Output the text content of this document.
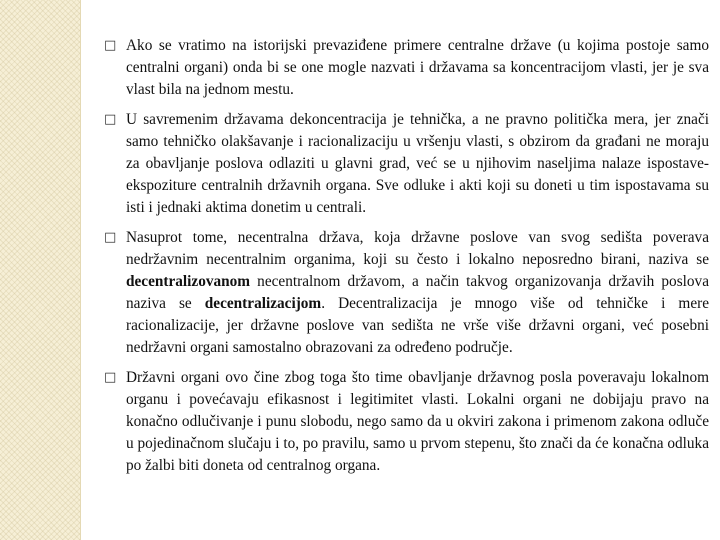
□ Ako se vratimo na istorijski prevaziđene primere centralne države (u kojima postoje samo centralni organi) onda bi se one mogle nazvati i državama sa koncentracijom vlasti, jer je sva vlast bila na jednom mestu.
□ U savremenim državama dekoncentracija je tehnička, a ne pravno politička mera, jer znači samo tehničko olakšavanje i racionalizaciju u vršenju vlasti, s obzirom da građani ne moraju za obavljanje poslova odlaziti u glavni grad, već se u njihovim naseljima nalaze ispostave-ekspoziture centralnih državnih organa. Sve odluke i akti koji su doneti u tim ispostavama su isti i jednaki aktima donetim u centrali.
□ Nasuprot tome, necentralna država, koja državne poslove van svog sedišta poverava nedržavnim necentralnim organima, koji su često i lokalno neposredno birani, naziva se decentralizovanom necentralnom državom, a način takvog organizovanja državih poslova naziva se decentralizacijom. Decentralizacija je mnogo više od tehničke i mere racionalizacije, jer državne poslove van sedišta ne vrše više državni organi, već posebni nedržavni organi samostalno obrazovani za određeno područje.
□ Državni organi ovo čine zbog toga što time obavljanje državnog posla poveravaju lokalnom organu i povećavaju efikasnost i legitimitet vlasti. Lokalni organi ne dobijaju pravo na konačno odlučivanje i punu slobodu, nego samo da u okviri zakona i primenom zakona odluče u pojedinačnom slučaju i to, po pravilu, samo u prvom stepenu, što znači da će konačna odluka po žalbi biti doneta od centralnog organa.
